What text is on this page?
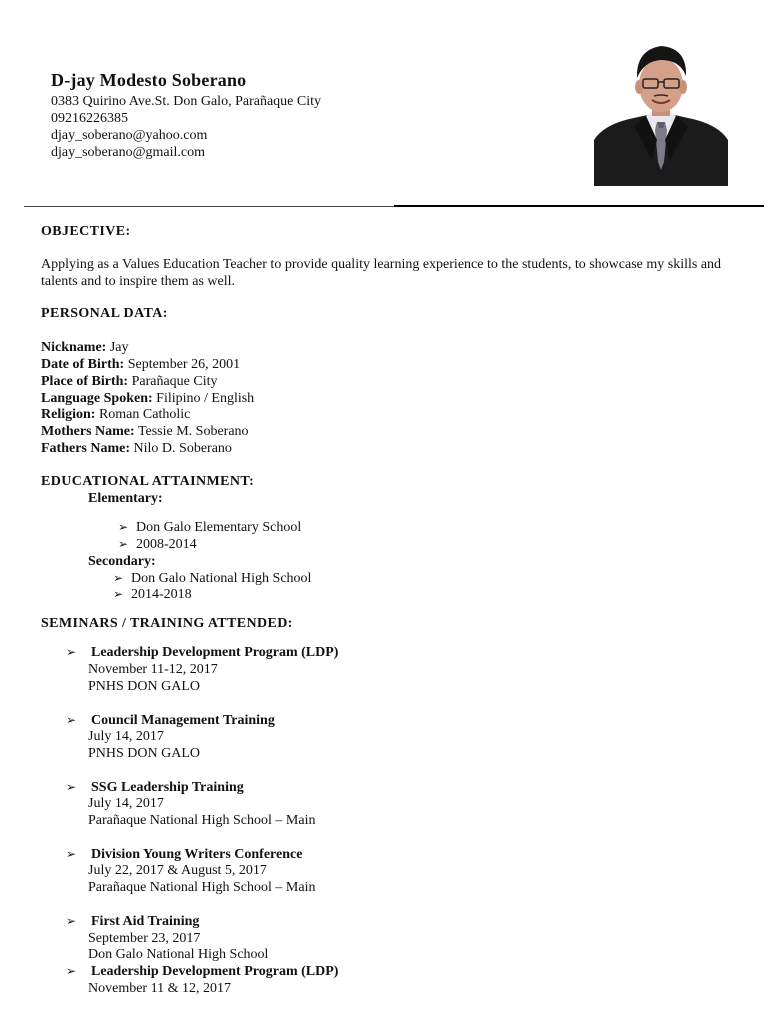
D-jay Modesto Soberano
0383 Quirino Ave.St. Don Galo, Parañaque City
09216226385
djay_soberano@yahoo.com
djay_soberano@gmail.com
OBJECTIVE:
Applying as a Values Education Teacher to provide quality learning experience to the students, to showcase my skills and talents and to inspire them as well.
PERSONAL DATA:
Nickname: Jay
Date of Birth: September 26, 2001
Place of Birth: Parañaque City
Language Spoken: Filipino / English
Religion: Roman Catholic
Mothers Name: Tessie M. Soberano
Fathers Name: Nilo D. Soberano
EDUCATIONAL ATTAINMENT:
Elementary:
➢ Don Galo Elementary School
➢ 2008-2014
Secondary:
➢ Don Galo National High School
➢ 2014-2018
SEMINARS / TRAINING ATTENDED:
➢ Leadership Development Program (LDP)
November 11-12, 2017
PNHS DON GALO
➢ Council Management Training
July 14, 2017
PNHS DON GALO
➢ SSG Leadership Training
July 14, 2017
Parañaque National High School – Main
➢ Division Young Writers Conference
July 22, 2017 & August 5, 2017
Parañaque National High School – Main
➢ First Aid Training
September 23, 2017
Don Galo National High School
➢ Leadership Development Program (LDP)
November 11 & 12, 2017
